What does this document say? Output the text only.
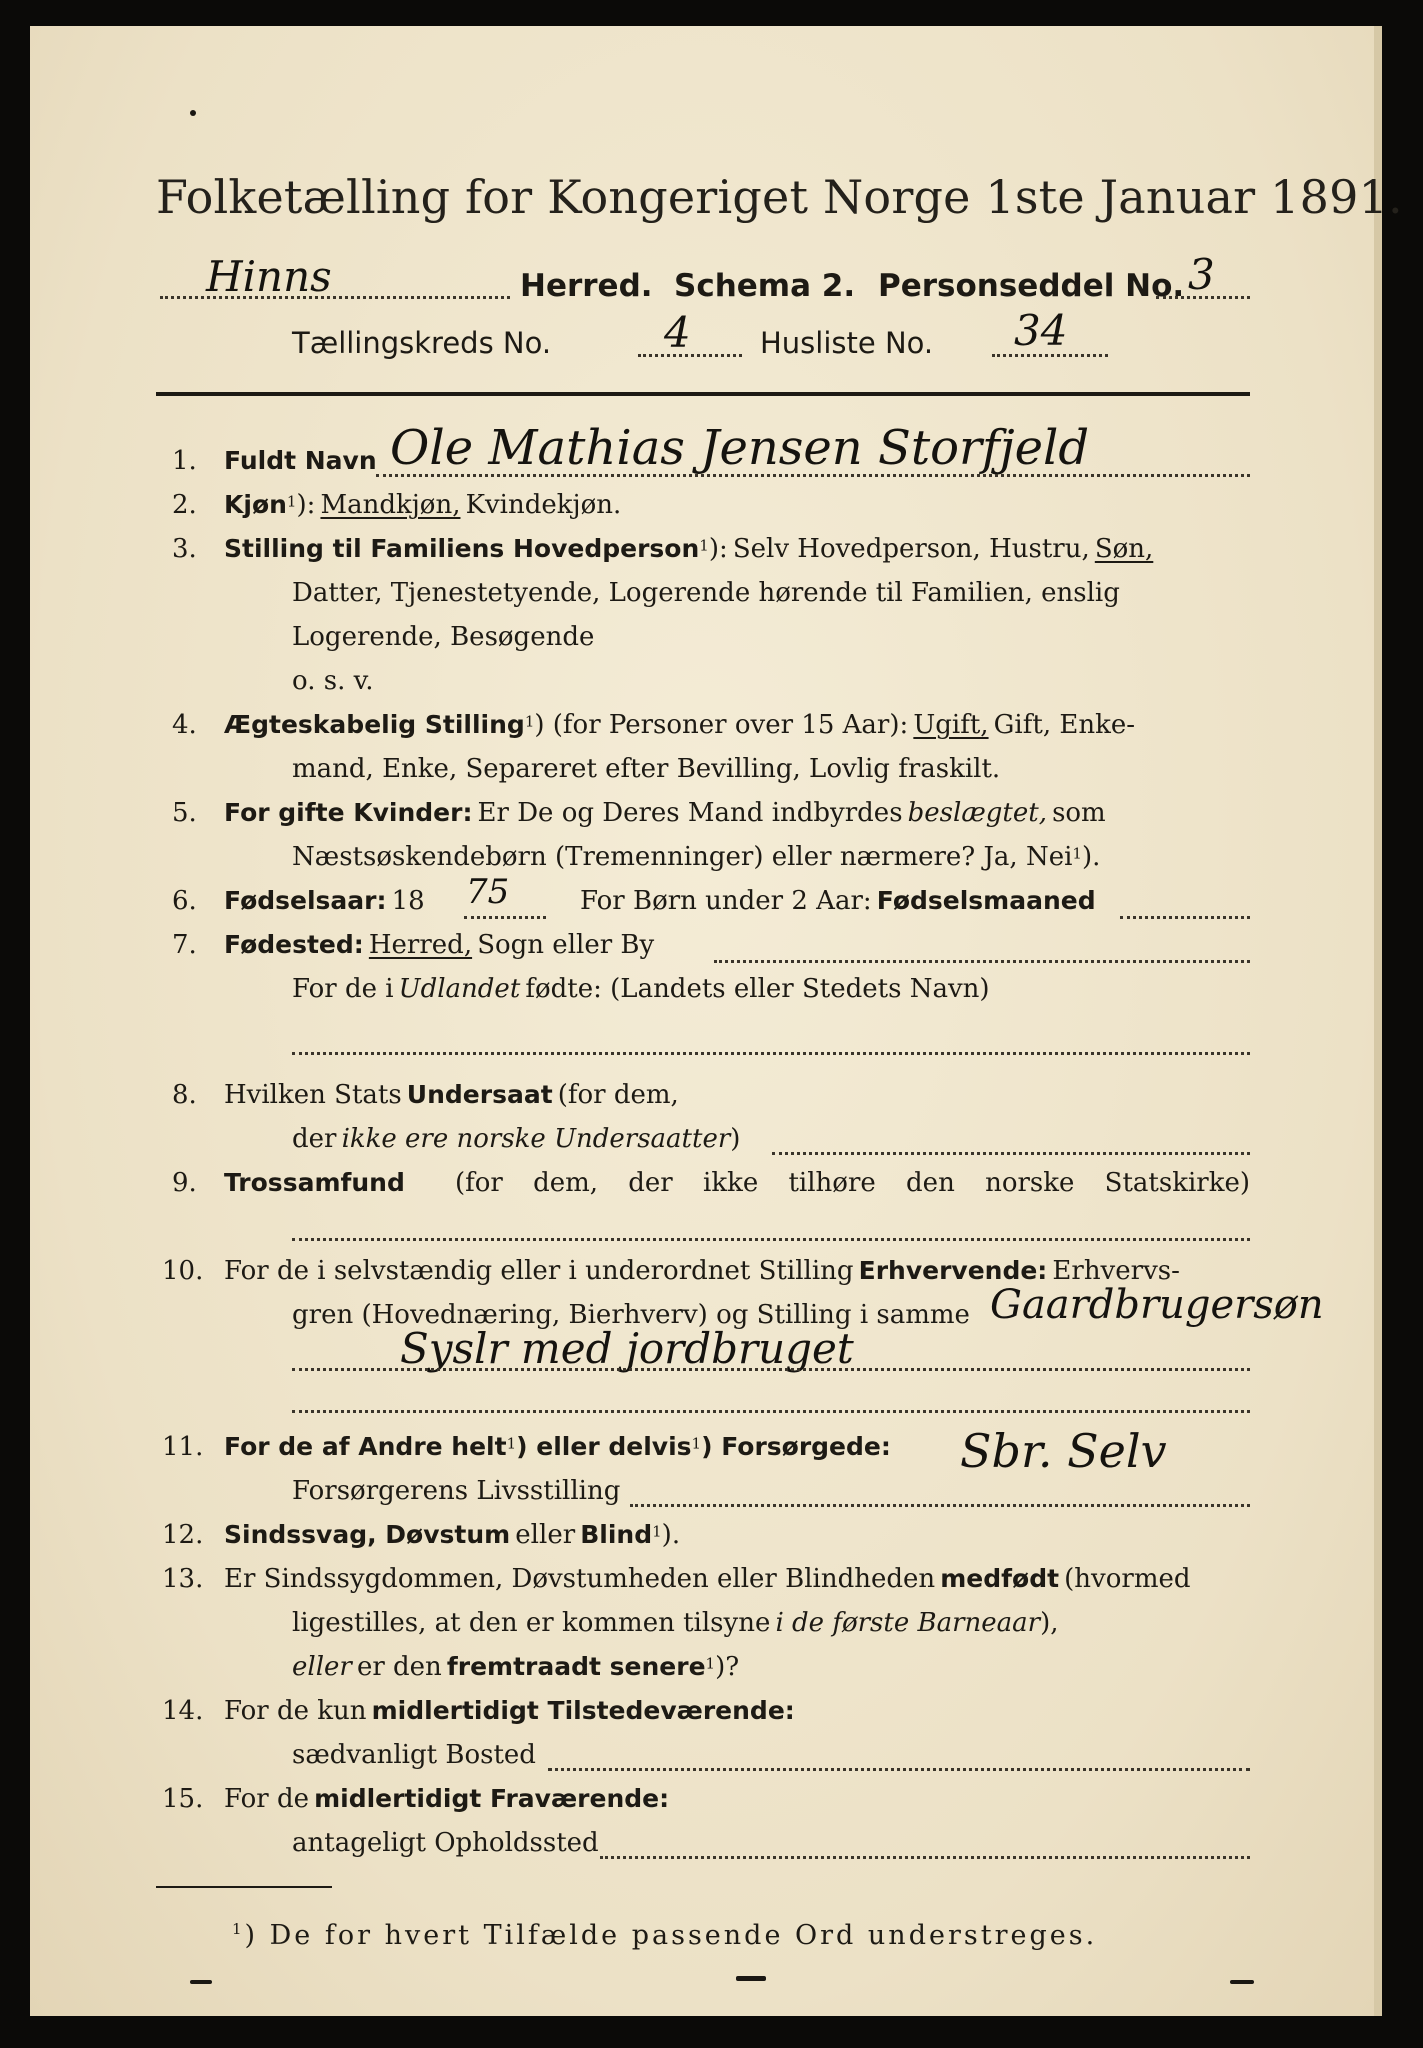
Folketælling for Kongeriget Norge 1ste Januar 1891.
Hinns	Herred. Schema 2. Personseddel No. 3
Tællingskreds No.	4 Husliste No. 34
1. Fuldt Navn Ole Mathias Jensen Storfjeld
2. Kjøn$^1$): Mandkjøn, Kvindekjøn.
3. Stilling til Familiens Hovedperson$^1$): Selv Hovedperson, Hustru, Søn,
Datter, Tjenestetyende, Logerende hørende til Familien, enslig
Logerende, Besøgende
o. s. v.
4. Ægteskabelig Stilling$^1$) (for Personer over 15 Aar): Ugift, Gift, Enke-
mand, Enke, Separeret efter Bevilling, Lovlig fraskilt.
5. For gifte Kvinder: Er De og Deres Mand indbyrdes beslægtet, som
Næstsøskendebørn (Tremenninger) eller nærmere? Ja, Nei$^1$).
6. Fødselsaar: 18 75	For Børn under 2 Aar: Fødselsmaaned
7. Fødested: Herred, Sogn eller By
For de i Udlandet fødte: (Landets eller Stedets Navn)
8. Hvilken Stats Undersaat (for dem,
der ikke ere norske Undersaatter)
9. Trossamfund (for dem, der ikke tilhøre den norske Statskirke)
10. For de i selvstændig eller i underordnet Stilling Erhvervende: Erhvervs-
gren (Hovednæring, Bierhverv) og Stilling i samme Gaardbrugersøn
Syslr med jordbruget
11. For de af Andre helt$^1$) eller delvis$^1$) Forsørgede:
Forsørgerens Livsstilling
Sbr. Selv
12. Sindssvag, Døvstum eller Blind$^1$).
13. Er Sindssygdommen, Døvstumheden eller Blindheden medfødt (hvormed
ligestilles, at den er kommen tilsyne i de første Barneaar),
eller er den fremtraadt senere$^1$)?
14. For de kun midlertidigt Tilstedeværende:
sædvanligt Bosted
15. For de midlertidigt Fraværende:
antageligt Opholdssted
$^1$) De for hvert Tilfælde passende Ord understreges.
